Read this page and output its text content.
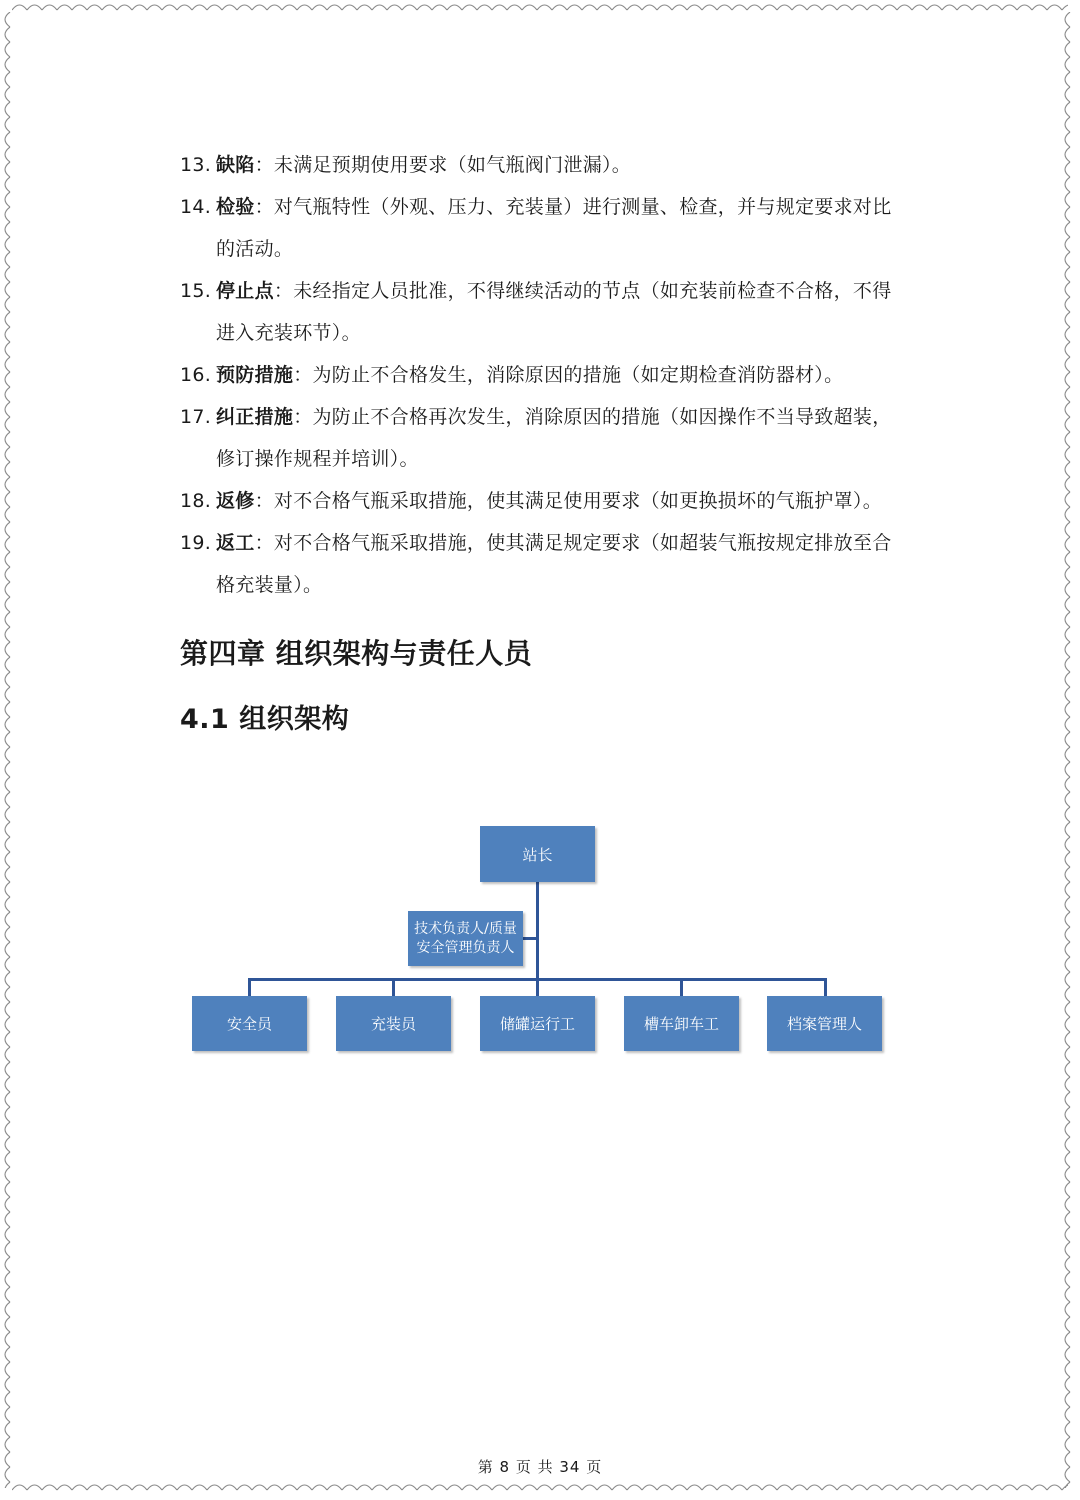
13. 缺陷：未满足预期使用要求（如气瓶阀门泄漏）。
14. 检验：对气瓶特性（外观、压力、充装量）进行测量、检查，并与规定要求对比的活动。
15. 停止点：未经指定人员批准，不得继续活动的节点（如充装前检查不合格，不得进入充装环节）。
16. 预防措施：为防止不合格发生，消除原因的措施（如定期检查消防器材）。
17. 纠正措施：为防止不合格再次发生，消除原因的措施（如因操作不当导致超装，修订操作规程并培训）。
18. 返修：对不合格气瓶采取措施，使其满足使用要求（如更换损坏的气瓶护罩）。
19. 返工：对不合格气瓶采取措施，使其满足规定要求（如超装气瓶按规定排放至合格充装量）。
第四章 组织架构与责任人员
4.1 组织架构
站长
技术负责人/质量
安全管理负责人
安全员	充装员	储罐运行工	槽车卸车工	档案管理人
第 8 页 共 34 页
